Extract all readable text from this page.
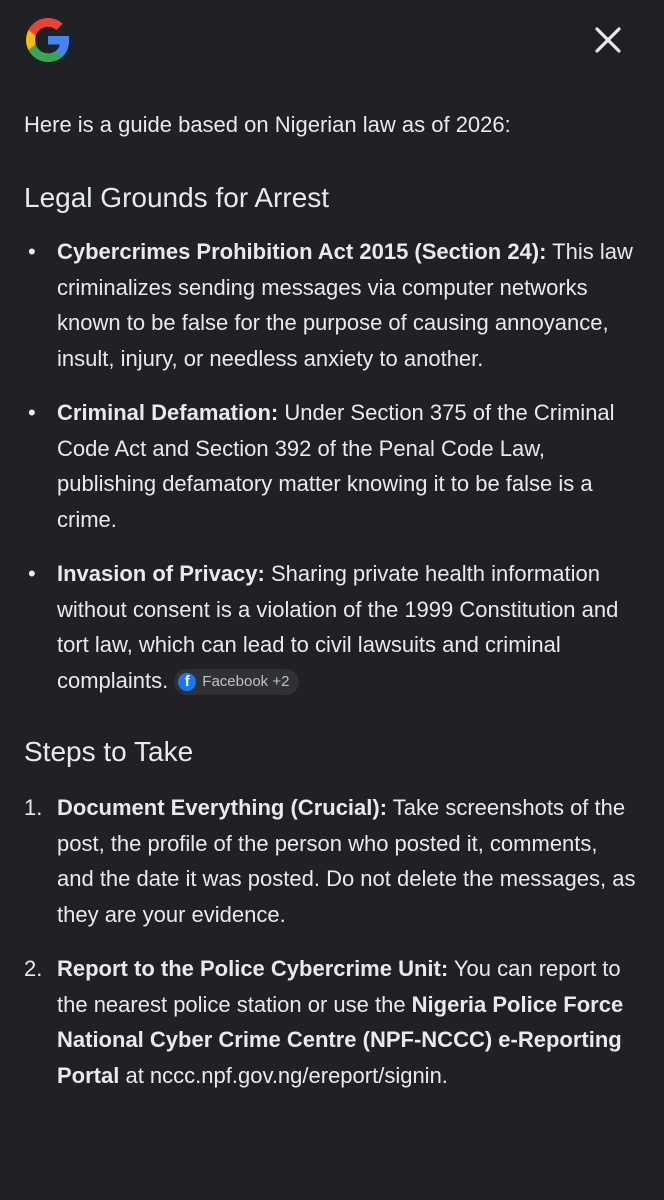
Here is a guide based on Nigerian law as of 2026:

Legal Grounds for Arrest
• Cybercrimes Prohibition Act 2015 (Section 24): This law criminalizes sending messages via computer networks known to be false for the purpose of causing annoyance, insult, injury, or needless anxiety to another.
• Criminal Defamation: Under Section 375 of the Criminal Code Act and Section 392 of the Penal Code Law, publishing defamatory matter knowing it to be false is a crime.
• Invasion of Privacy: Sharing private health information without consent is a violation of the 1999 Constitution and tort law, which can lead to civil lawsuits and criminal complaints.	f Facebook +2
Steps to Take
1. Document Everything (Crucial): Take screenshots of the post, the profile of the person who posted it, comments, and the date it was posted. Do not delete the messages, as they are your evidence.
2. Report to the Police Cybercrime Unit: You can report to the nearest police station or use the Nigeria Police Force National Cyber Crime Centre (NPF-NCCC) e-Reporting Portal at nccc.npf.gov.ng/ereport/signin.
